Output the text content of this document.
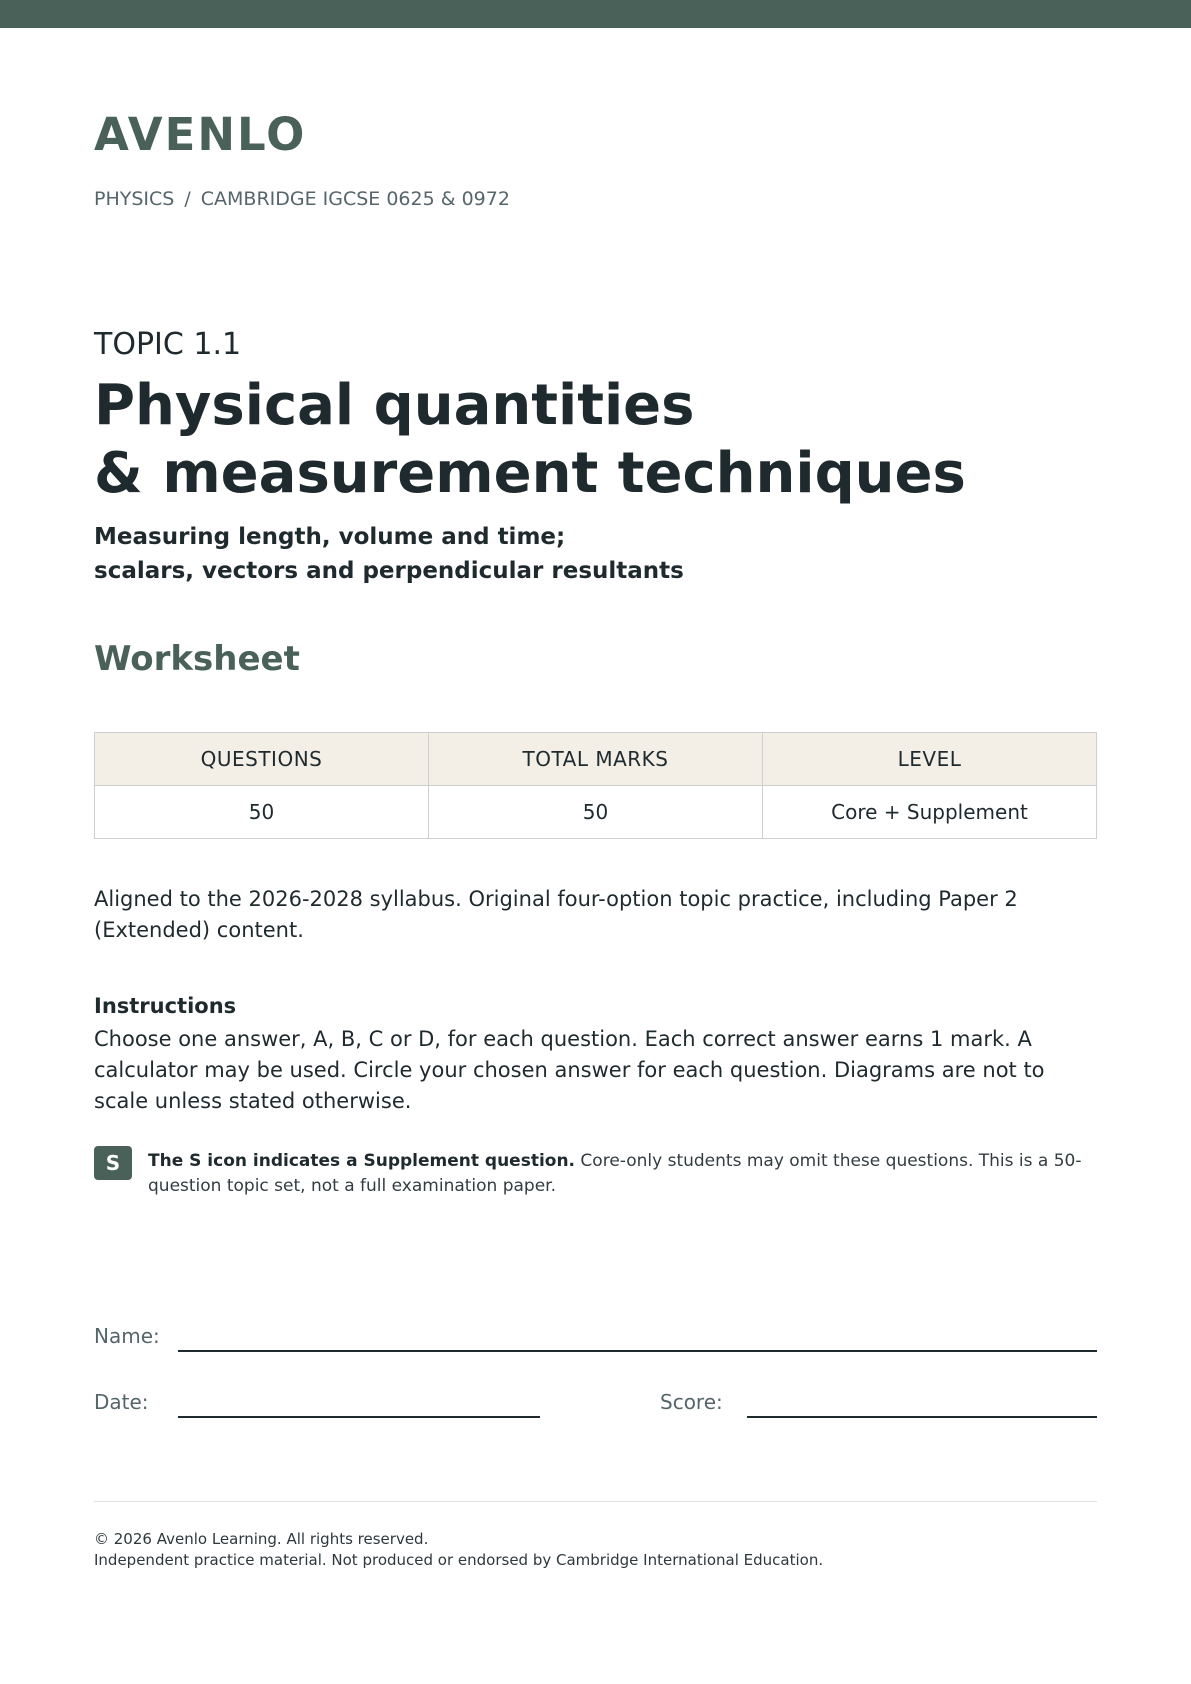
AVENLO
PHYSICS / CAMBRIDGE IGCSE 0625 & 0972
TOPIC 1.1
Physical quantities
& measurement techniques
Measuring length, volume and time;
scalars, vectors and perpendicular resultants
Worksheet
QUESTIONS	TOTAL MARKS	LEVEL
50	50	Core + Supplement

Aligned to the 2026-2028 syllabus. Original four-option topic practice, including Paper 2 (Extended) content.

Instructions

Choose one answer, A, B, C or D, for each question. Each correct answer earns 1 mark. A calculator may be used. Circle your chosen answer for each question. Diagrams are not to scale unless stated otherwise.

S	The S icon indicates a Supplement question. Core-only students may omit these questions. This is a 50-question topic set, not a full examination paper.

Name:
Date:	Score:
© 2026 Avenlo Learning. All rights reserved.
Independent practice material. Not produced or endorsed by Cambridge International Education.
